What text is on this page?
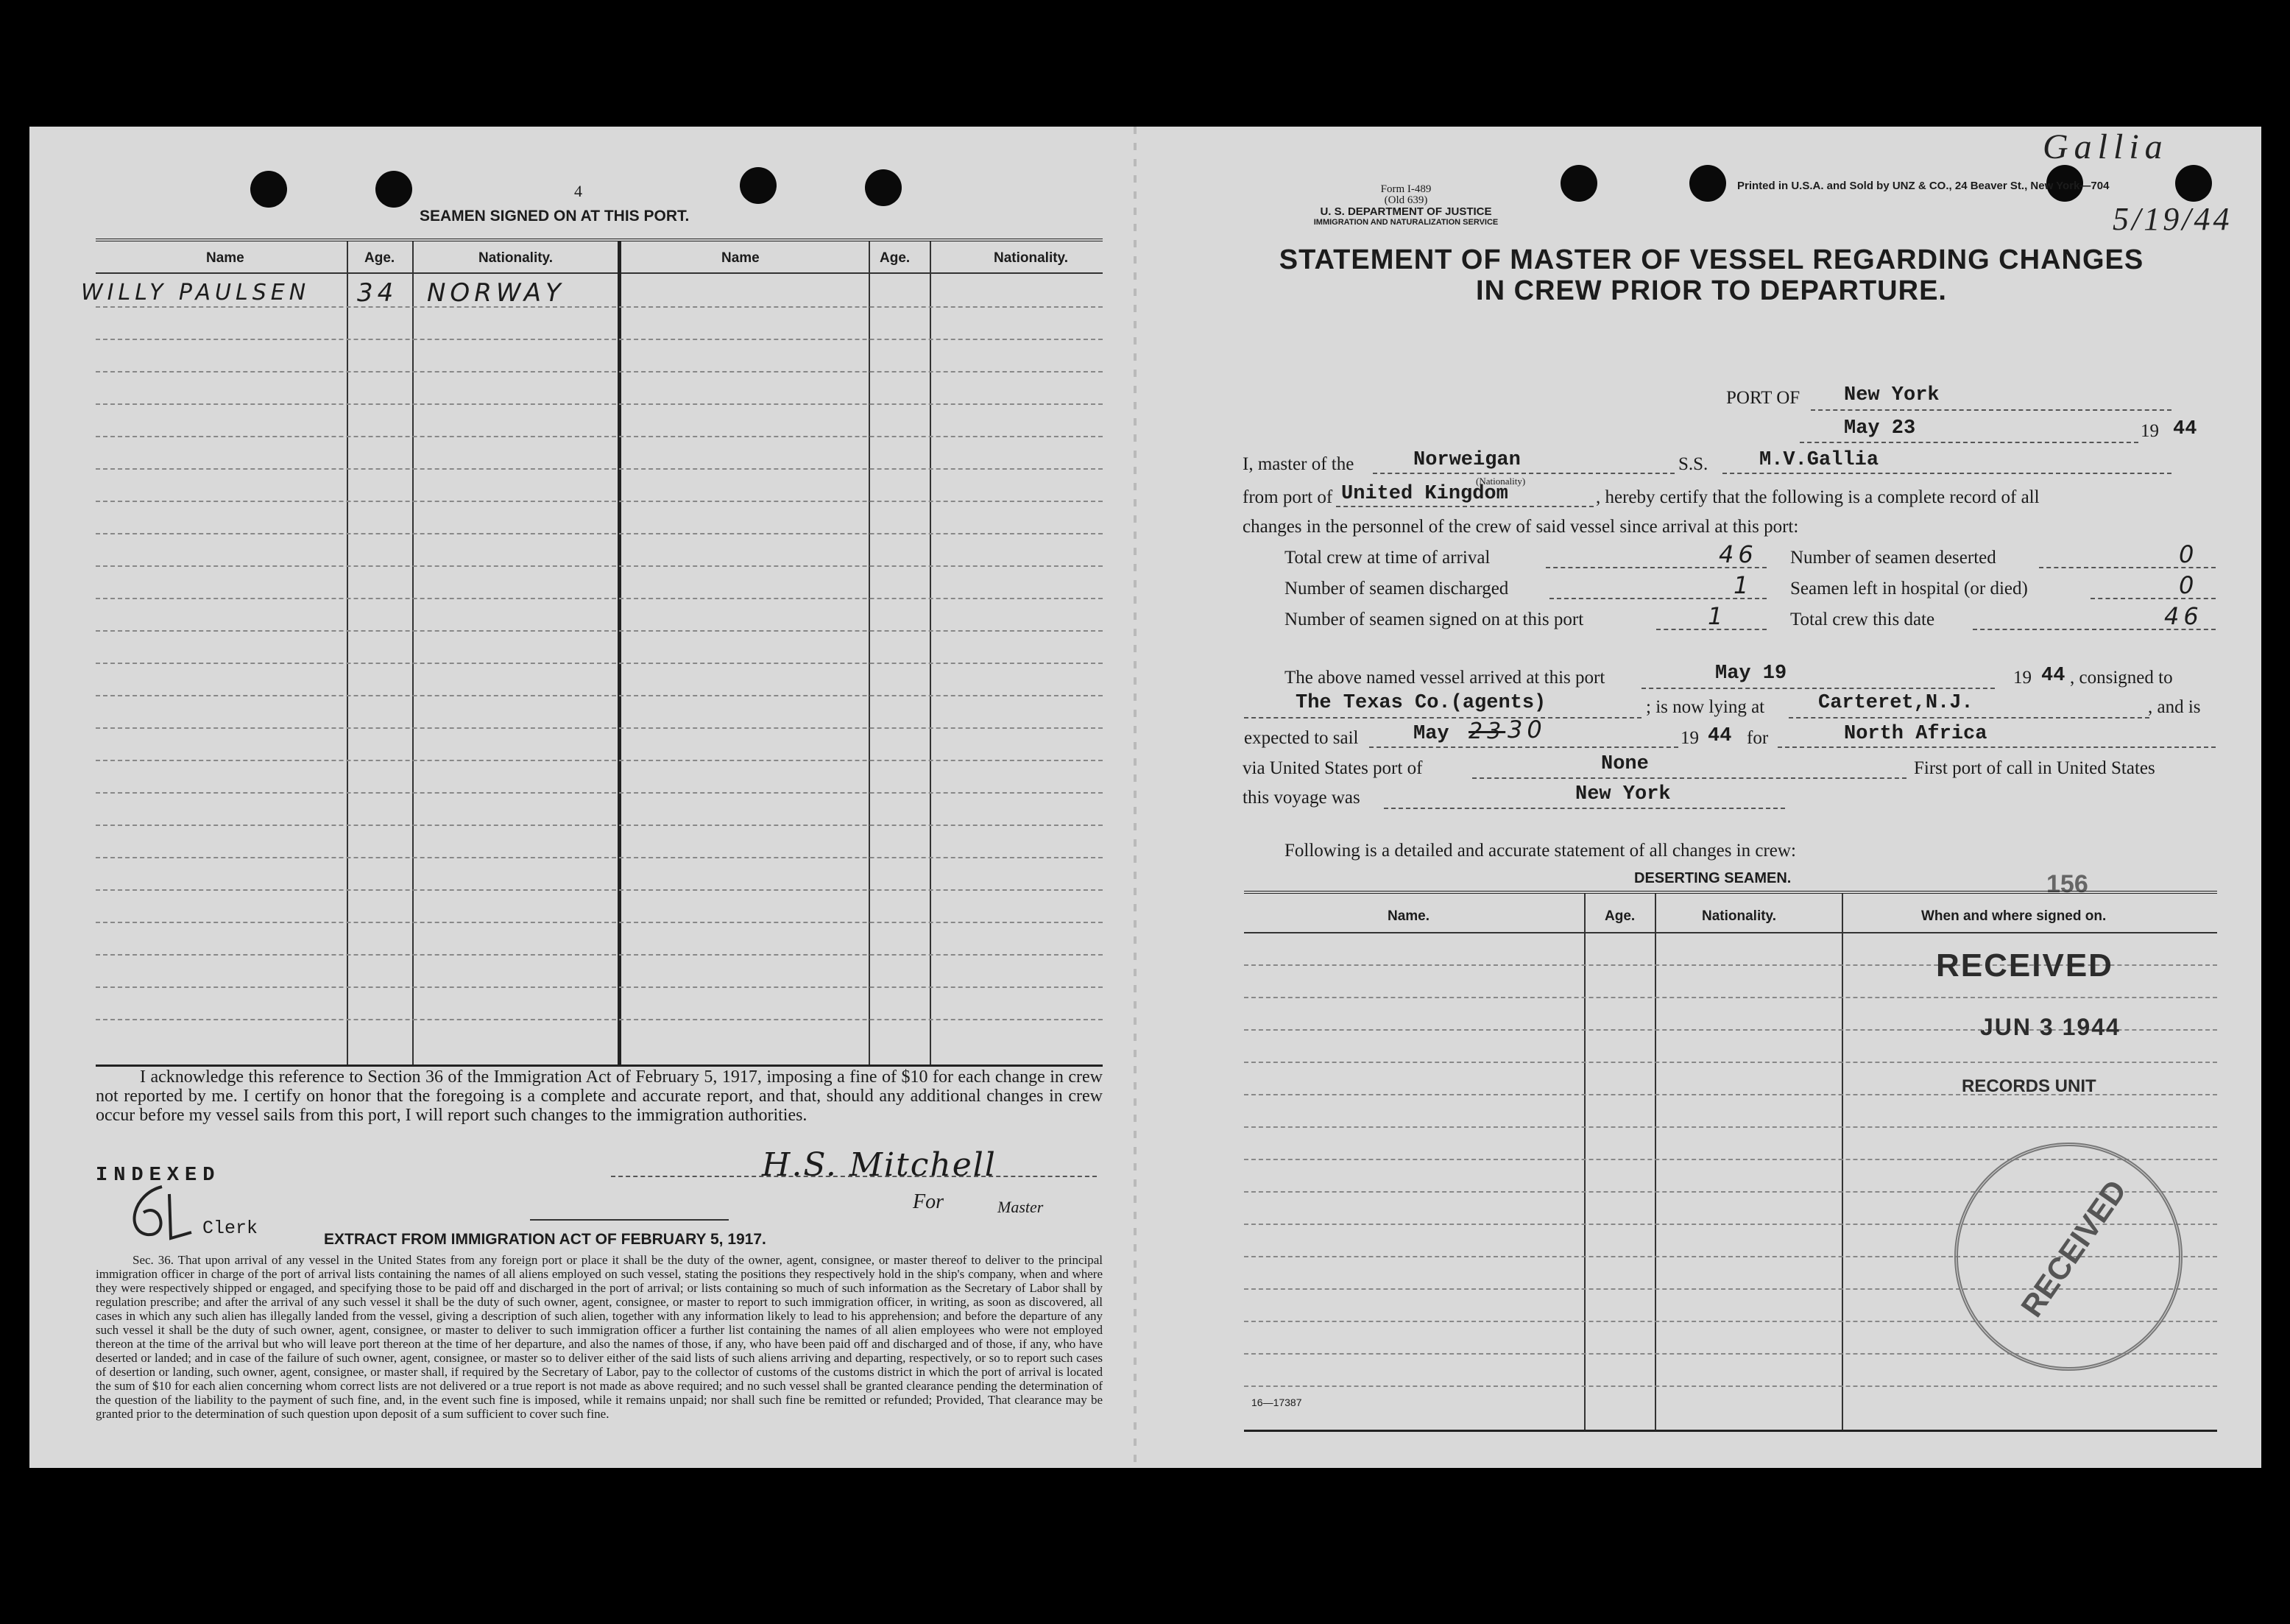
4
SEAMEN SIGNED ON AT THIS PORT.
Name	Age.	Nationality.	Name	Age.	Nationality.
WILLY PAULSEN 34 NORWAY
I acknowledge this reference to Section 36 of the Immigration Act of February 5, 1917, imposing a fine of $10 for each change in crew not reported by me. I certify on honor that the foregoing is a complete and accurate report, and that, should any additional changes in crew occur before my vessel sails from this port, I will report such changes to the immigration authorities.
INDEXED
Clerk
H.S. Mitchell
For	Master
EXTRACT FROM IMMIGRATION ACT OF FEBRUARY 5, 1917.
Sec. 36. That upon arrival of any vessel in the United States from any foreign port or place it shall be the duty of the owner, agent, consignee, or master thereof to deliver to the principal immigration officer in charge of the port of arrival lists containing the names of all aliens employed on such vessel, stating the positions they respectively hold in the ship's company, when and where they were respectively shipped or engaged, and specifying those to be paid off and discharged in the port of arrival; or lists containing so much of such information as the Secretary of Labor shall by regulation prescribe; and after the arrival of any such vessel it shall be the duty of such owner, agent, consignee, or master to report to such immigration officer, in writing, as soon as discovered, all cases in which any such alien has illegally landed from the vessel, giving a description of such alien, together with any information likely to lead to his apprehension; and before the departure of any such vessel it shall be the duty of such owner, agent, consignee, or master to deliver to such immigration officer a further list containing the names of all alien employees who were not employed thereon at the time of the arrival but who will leave port thereon at the time of her departure, and also the names of those, if any, who have been paid off and discharged and of those, if any, who have deserted or landed; and in case of the failure of such owner, agent, consignee, or master so to deliver either of the said lists of such aliens arriving and departing, respectively, or so to report such cases of desertion or landing, such owner, agent, consignee, or master shall, if required by the Secretary of Labor, pay to the collector of customs of the customs district in which the port of arrival is located the sum of $10 for each alien concerning whom correct lists are not delivered or a true report is not made as above required; and no such vessel shall be granted clearance pending the determination of the question of the liability to the payment of such fine, and, in the event such fine is imposed, while it remains unpaid; nor shall such fine be remitted or refunded; Provided, That clearance may be granted prior to the determination of such question upon deposit of a sum sufficient to cover such fine.
Form I-489
(Old 639)
U. S. DEPARTMENT OF JUSTICE
IMMIGRATION AND NATURALIZATION SERVICE
Printed in U.S.A. and Sold by UNZ & CO., 24 Beaver St., New York—704
Gallia
5/19/44
STATEMENT OF MASTER OF VESSEL REGARDING CHANGES
IN CREW PRIOR TO DEPARTURE.
PORT OF New York
May 23	19 44
I, master of the	Norweigan
(Nationality)
S.S.	M.V.Gallia
from port of United Kingdom	, hereby certify that the following is a complete record of all
changes in the personnel of the crew of said vessel since arrival at this port:
Total crew at time of arrival	46 Number of seamen deserted	0
Number of seamen discharged	1 Seamen left in hospital (or died)	0
Number of seamen signed on at this port	1	Total crew this date	46
The above named vessel arrived at this port	May 19	19 44 , consigned to
The Texas Co.(agents)	; is now lying at	Carteret,N.J.	, and is
expected to sail	May 23 30	19 44 for	North Africa
via United States port of	None	First port of call in United States
this voyage was	New York
Following is a detailed and accurate statement of all changes in crew:
DESERTING SEAMEN.	156
Name.	Age.	Nationality.	When and where signed on.
RECEIVED
JUN 3 1944
RECORDS UNIT
RECEIVED
16—17387
